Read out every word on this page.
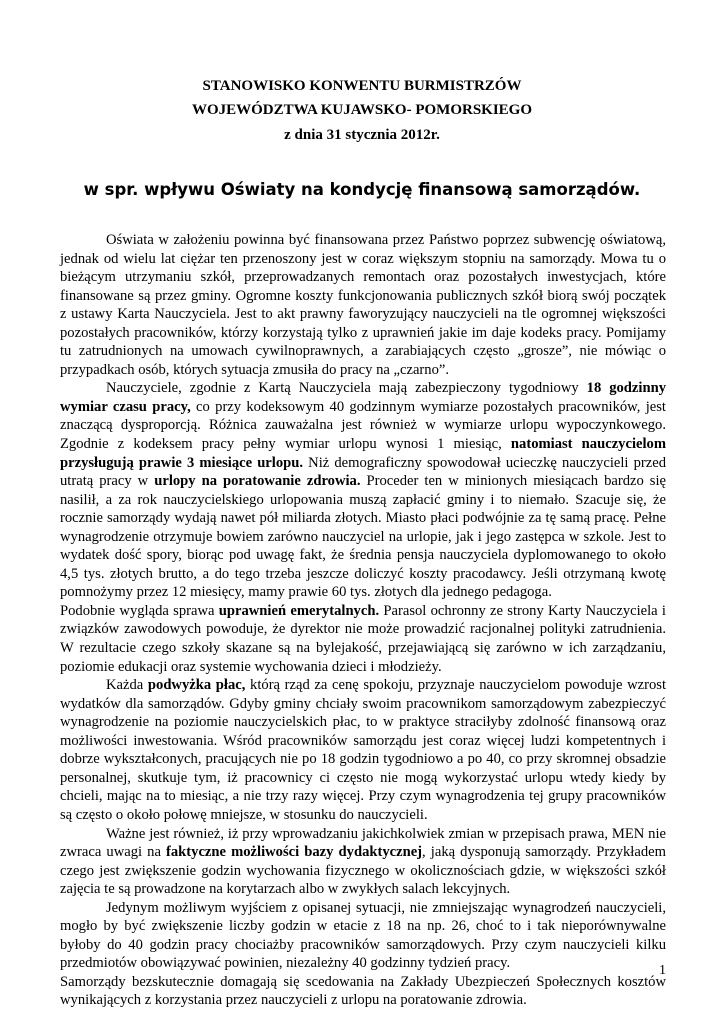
STANOWISKO KONWENTU BURMISTRZÓW
WOJEWÓDZTWA KUJAWSKO- POMORSKIEGO
z dnia 31 stycznia 2012r.
w spr. wpływu Oświaty na kondycję finansową samorządów.

Oświata w założeniu powinna być finansowana przez Państwo poprzez subwencję oświatową, jednak od wielu lat ciężar ten przenoszony jest w coraz większym stopniu na samorządy. Mowa tu o bieżącym utrzymaniu szkół, przeprowadzanych remontach oraz pozostałych inwestycjach, które finansowane są przez gminy. Ogromne koszty funkcjonowania publicznych szkół biorą swój początek z ustawy Karta Nauczyciela. Jest to akt prawny faworyzujący nauczycieli na tle ogromnej większości pozostałych pracowników, którzy korzystają tylko z uprawnień jakie im daje kodeks pracy. Pomijamy tu zatrudnionych na umowach cywilnoprawnych, a zarabiających często „grosze”, nie mówiąc o przypadkach osób, których sytuacja zmusiła do pracy na „czarno”.

Nauczyciele, zgodnie z Kartą Nauczyciela mają zabezpieczony tygodniowy 18 godzinny wymiar czasu pracy, co przy kodeksowym 40 godzinnym wymiarze pozostałych pracowników, jest znaczącą dysproporcją. Różnica zauważalna jest również w wymiarze urlopu wypoczynkowego. Zgodnie z kodeksem pracy pełny wymiar urlopu wynosi 1 miesiąc, natomiast nauczycielom przysługują prawie 3 miesiące urlopu. Niż demograficzny spowodował ucieczkę nauczycieli przed utratą pracy w urlopy na poratowanie zdrowia. Proceder ten w minionych miesiącach bardzo się nasilił, a za rok nauczycielskiego urlopowania muszą zapłacić gminy i to niemało. Szacuje się, że rocznie samorządy wydają nawet pół miliarda złotych. Miasto płaci podwójnie za tę samą pracę. Pełne wynagrodzenie otrzymuje bowiem zarówno nauczyciel na urlopie, jak i jego zastępca w szkole. Jest to wydatek dość spory, biorąc pod uwagę fakt, że średnia pensja nauczyciela dyplomowanego to około 4,5 tys. złotych brutto, a do tego trzeba jeszcze doliczyć koszty pracodawcy. Jeśli otrzymaną kwotę pomnożymy przez 12 miesięcy, mamy prawie 60 tys. złotych dla jednego pedagoga.

Podobnie wygląda sprawa uprawnień emerytalnych. Parasol ochronny ze strony Karty Nauczyciela i związków zawodowych powoduje, że dyrektor nie może prowadzić racjonalnej polityki zatrudnienia. W rezultacie czego szkoły skazane są na bylejakość, przejawiającą się zarówno w ich zarządzaniu, poziomie edukacji oraz systemie wychowania dzieci i młodzieży.

Każda podwyżka płac, którą rząd za cenę spokoju, przyznaje nauczycielom powoduje wzrost wydatków dla samorządów. Gdyby gminy chciały swoim pracownikom samorządowym zabezpieczyć wynagrodzenie na poziomie nauczycielskich płac, to w praktyce straciłyby zdolność finansową oraz możliwości inwestowania. Wśród pracowników samorządu jest coraz więcej ludzi kompetentnych i dobrze wykształconych, pracujących nie po 18 godzin tygodniowo a po 40, co przy skromnej obsadzie personalnej, skutkuje tym, iż pracownicy ci często nie mogą wykorzystać urlopu wtedy kiedy by chcieli, mając na to miesiąc, a nie trzy razy więcej. Przy czym wynagrodzenia tej grupy pracowników są często o około połowę mniejsze, w stosunku do nauczycieli.

Ważne jest również, iż przy wprowadzaniu jakichkolwiek zmian w przepisach prawa, MEN nie zwraca uwagi na faktyczne możliwości bazy dydaktycznej, jaką dysponują samorządy. Przykładem czego jest zwiększenie godzin wychowania fizycznego w okolicznościach gdzie, w większości szkół zajęcia te są prowadzone na korytarzach albo w zwykłych salach lekcyjnych.

Jedynym możliwym wyjściem z opisanej sytuacji, nie zmniejszając wynagrodzeń nauczycieli, mogło by być zwiększenie liczby godzin w etacie z 18 na np. 26, choć to i tak nieporównywalne byłoby do 40 godzin pracy chociażby pracowników samorządowych. Przy czym nauczycieli kilku przedmiotów obowiązywać powinien, niezależny 40 godzinny tydzień pracy.

Samorządy bezskutecznie domagają się scedowania na Zakłady Ubezpieczeń Społecznych kosztów wynikających z korzystania przez nauczycieli z urlopu na poratowanie zdrowia.

1
